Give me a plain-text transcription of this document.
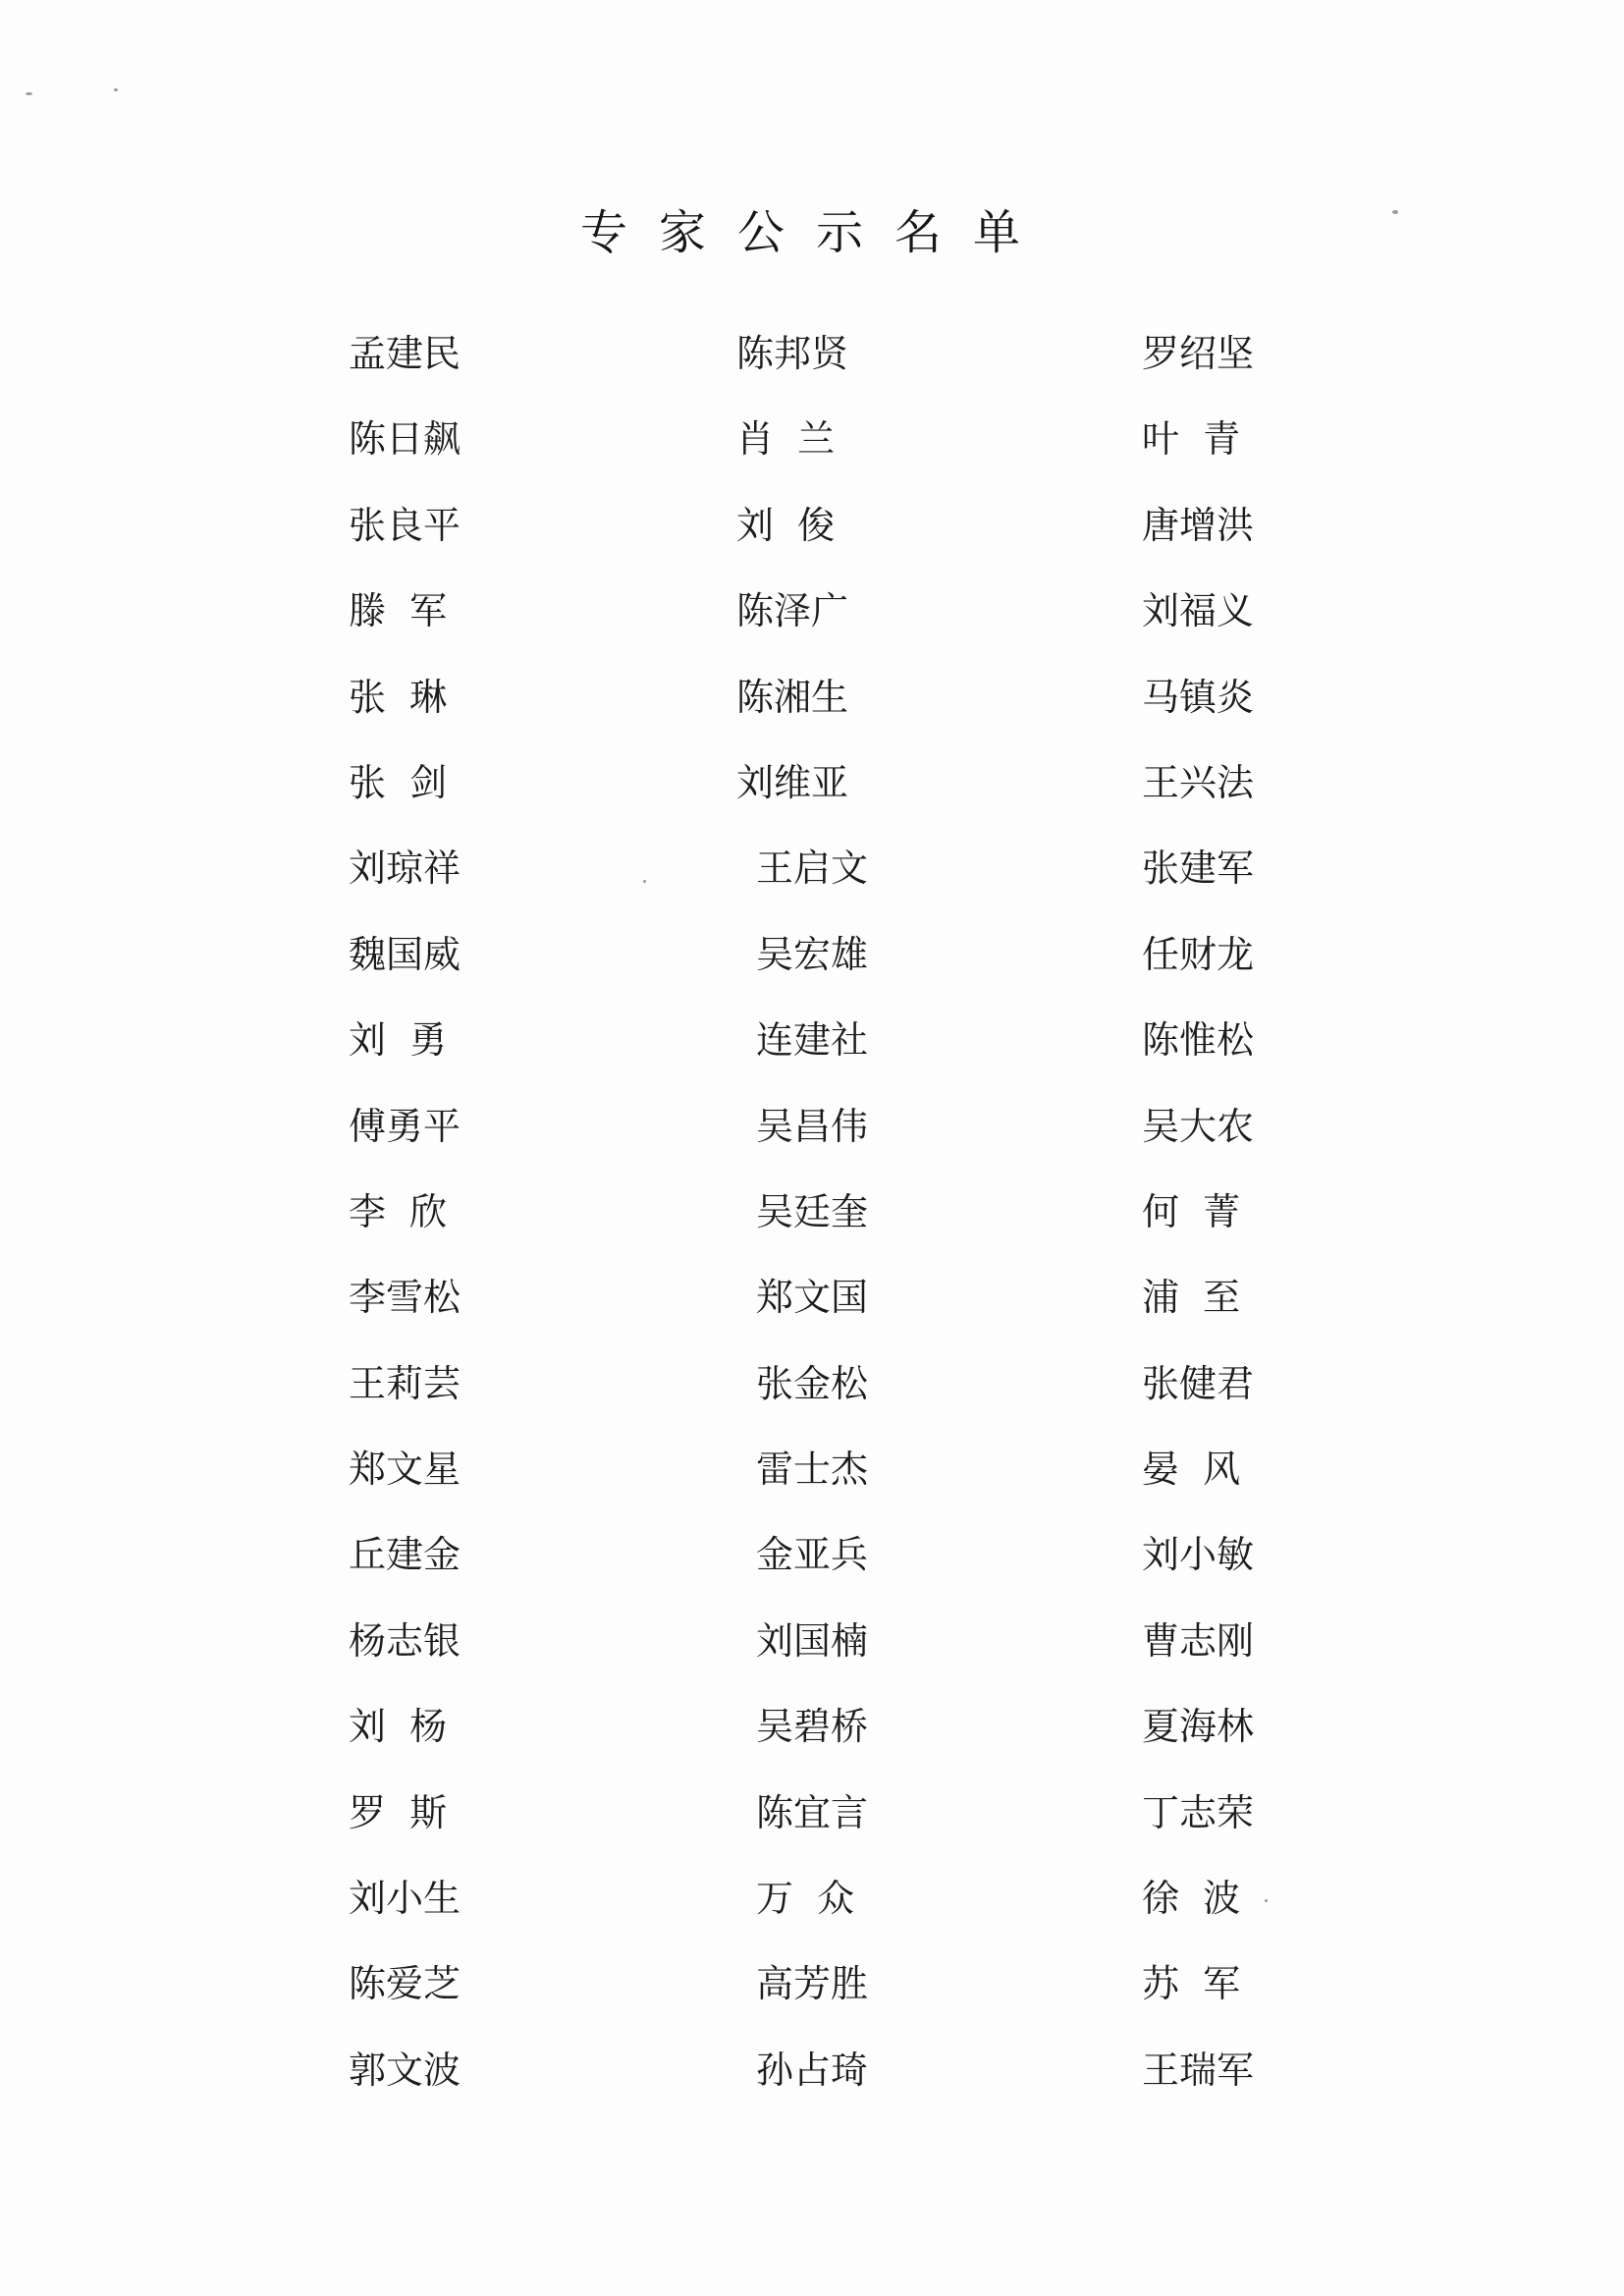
专家公示名单
孟建民	陈邦贤	罗绍坚
陈日飙	肖  兰	叶  青
张良平	刘  俊	唐增洪
滕  军	陈泽广	刘福义
张  琳	陈湘生	马镇炎
张  剑	刘维亚	王兴法
刘琼祥	王启文	张建军
魏国威	吴宏雄	任财龙
刘  勇	连建社	陈惟松
傅勇平	吴昌伟	吴大农
李  欣	吴廷奎	何  菁
李雪松	郑文国	浦  至
王莉芸	张金松	张健君
郑文星	雷士杰	晏  风
丘建金	金亚兵	刘小敏
杨志银	刘国楠	曹志刚
刘  杨	吴碧桥	夏海林
罗  斯	陈宜言	丁志荣
刘小生	万  众	徐  波
陈爱芝	高芳胜	苏  军
郭文波	孙占琦	王瑞军
